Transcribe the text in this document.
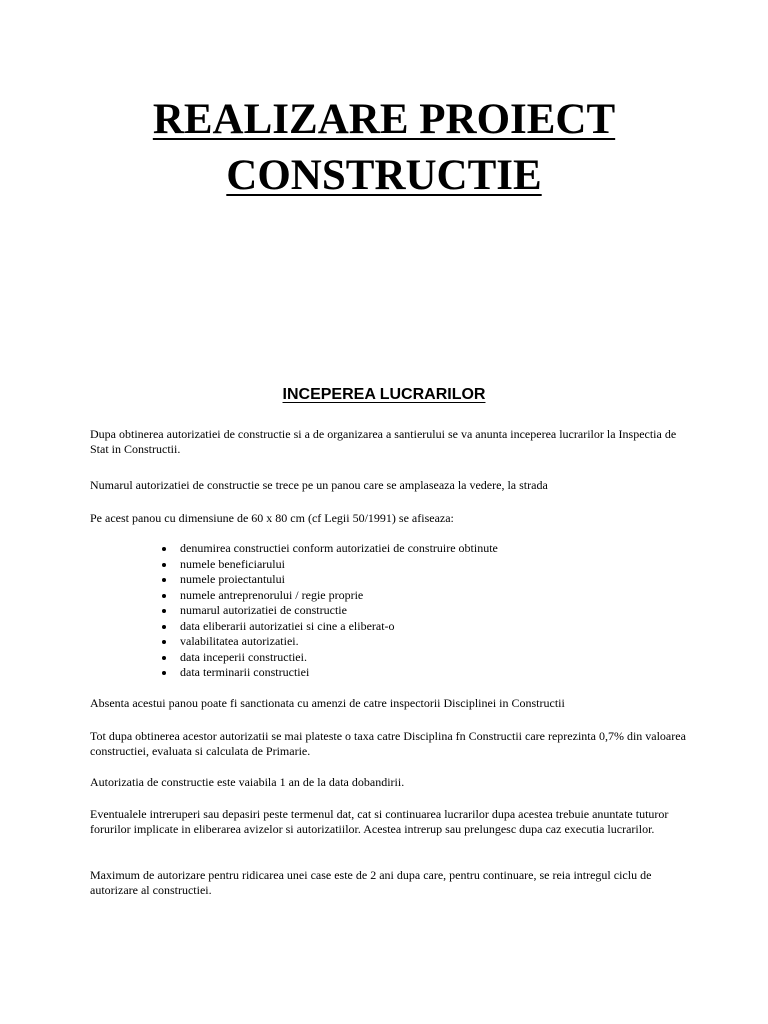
REALIZARE PROIECT
CONSTRUCTIE
INCEPEREA LUCRARILOR

Dupa obtinerea autorizatiei de constructie si a de organizarea a santierului se va anunta inceperea lucrarilor la Inspectia de Stat in Constructii.

Numarul autorizatiei de constructie se trece pe un panou care se amplaseaza la vedere, la strada

Pe acest panou cu dimensiune de 60 x 80 cm (cf Legii 50/1991) se afiseaza:

denumirea constructiei conform autorizatiei de construire obtinute
numele beneficiarului
numele proiectantului
numele antreprenorului / regie proprie
numarul autorizatiei de constructie
data eliberarii autorizatiei si cine a eliberat-o
valabilitatea autorizatiei.
data inceperii constructiei.
data terminarii constructiei

Absenta acestui panou poate fi sanctionata cu amenzi de catre inspectorii Disciplinei in Constructii

Tot dupa obtinerea acestor autorizatii se mai plateste o taxa catre Disciplina fn Constructii care reprezinta 0,7% din valoarea constructiei, evaluata si calculata de Primarie.

Autorizatia de constructie este vaiabila 1 an de la data dobandirii.

Eventualele intreruperi sau depasiri peste termenul dat, cat si continuarea lucrarilor dupa acestea trebuie anuntate tuturor forurilor implicate in eliberarea avizelor si autorizatiilor. Acestea intrerup sau prelungesc dupa caz executia lucrarilor.

Maximum de autorizare pentru ridicarea unei case este de 2 ani dupa care, pentru continuare, se reia intregul ciclu de autorizare al constructiei.
